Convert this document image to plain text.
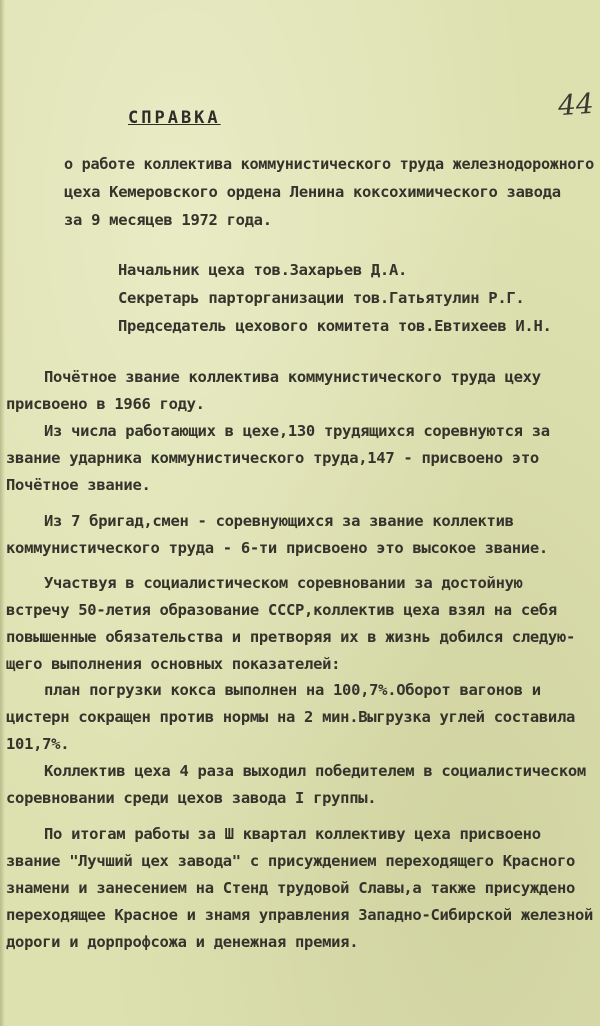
44
СПРАВКА
о работе коллектива коммунистического труда железнодорожного
цеха Кемеровского ордена Ленина коксохимического завода
за 9 месяцев 1972 года.
Начальник цеха тов.Захарьев Д.А.
Секретарь парторганизации тов.Гатьятулин Р.Г.
Председатель цехового комитета тов.Евтихеев И.Н.
Почётное звание коллектива коммунистического труда цеху
присвоено в 1966 году.
Из числа работающих в цехе,130 трудящихся соревнуются за
звание ударника коммунистического труда,147 - присвоено это
Почётное звание.
Из 7 бригад,смен - соревнующихся за звание коллектив
коммунистического труда - 6-ти присвоено это высокое звание.
Участвуя в социалистическом соревновании за достойную
встречу 50-летия образование СССР,коллектив цеха взял на себя
повышенные обязательства и претворяя их в жизнь добился следую-
щего выполнения основных показателей:
план погрузки кокса выполнен на 100,7%.Оборот вагонов и
цистерн сокращен против нормы на 2 мин.Выгрузка углей составила
101,7%.
Коллектив цеха 4 раза выходил победителем в социалистическом
соревновании среди цехов завода I группы.
По итогам работы за Ш квартал коллективу цеха присвоено
звание "Лучший цех завода" с присуждением переходящего Красного
знамени и занесением на Стенд трудовой Славы,а также присуждено
переходящее Красное и знамя управления Западно-Сибирской железной
дороги и дорпрофсожа и денежная премия.
